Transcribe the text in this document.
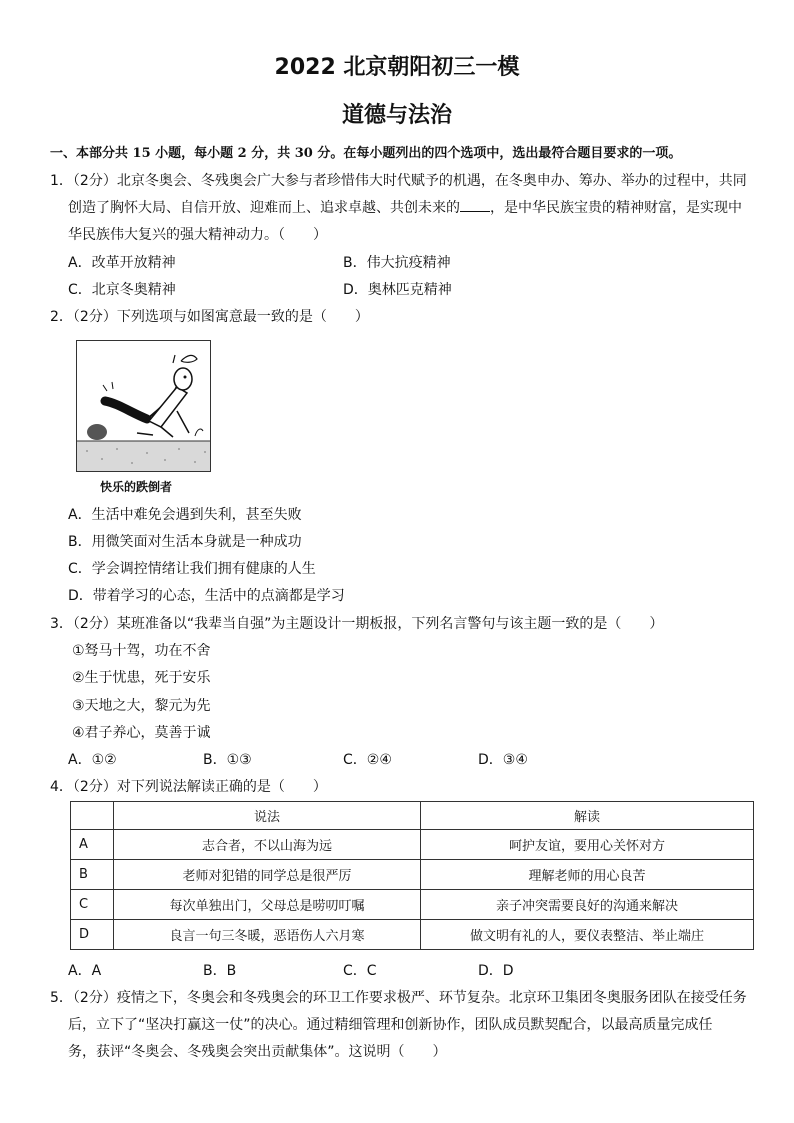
2022 北京朝阳初三一模
道德与法治
一、本部分共 15 小题，每小题 2 分，共 30 分。在每小题列出的四个选项中，选出最符合题目要求的一项。
1．（2分）北京冬奥会、冬残奥会广大参与者珍惜伟大时代赋予的机遇，在冬奥申办、筹办、举办的过程中，共同
创造了胸怀大局、自信开放、迎难而上、追求卓越、共创未来的 ，是中华民族宝贵的精神财富，是实现中
华民族伟大复兴的强大精神动力。（　　）
A．改革开放精神	B．伟大抗疫精神
C．北京冬奥精神	D．奥林匹克精神
2．（2分）下列选项与如图寓意最一致的是（　　）
快乐的跌倒者
A．生活中难免会遇到失利，甚至失败
B．用微笑面对生活本身就是一种成功
C．学会调控情绪让我们拥有健康的人生
D．带着学习的心态，生活中的点滴都是学习
3．（2分）某班准备以“我辈当自强”为主题设计一期板报，下列名言警句与该主题一致的是（　　）
①驽马十驾，功在不舍
②生于忧患，死于安乐
③天地之大，黎元为先
④君子养心，莫善于诚
A．①②	B．①③	C．②④	D．③④
4．（2分）对下列说法解读正确的是（　　）
	说法	解读
A	志合者，不以山海为远	呵护友谊，要用心关怀对方
B	老师对犯错的同学总是很严厉	理解老师的用心良苦
C	每次单独出门，父母总是唠叨叮嘱	亲子冲突需要良好的沟通来解决
D	良言一句三冬暖，恶语伤人六月寒	做文明有礼的人，要仪表整洁、举止端庄
A．A	B．B	C．C	D．D
5．（2分）疫情之下，冬奥会和冬残奥会的环卫工作要求极严、环节复杂。北京环卫集团冬奥服务团队在接受任务
后，立下了“坚决打赢这一仗”的决心。通过精细管理和创新协作，团队成员默契配合，以最高质量完成任
务，获评“冬奥会、冬残奥会突出贡献集体”。这说明（　　）
